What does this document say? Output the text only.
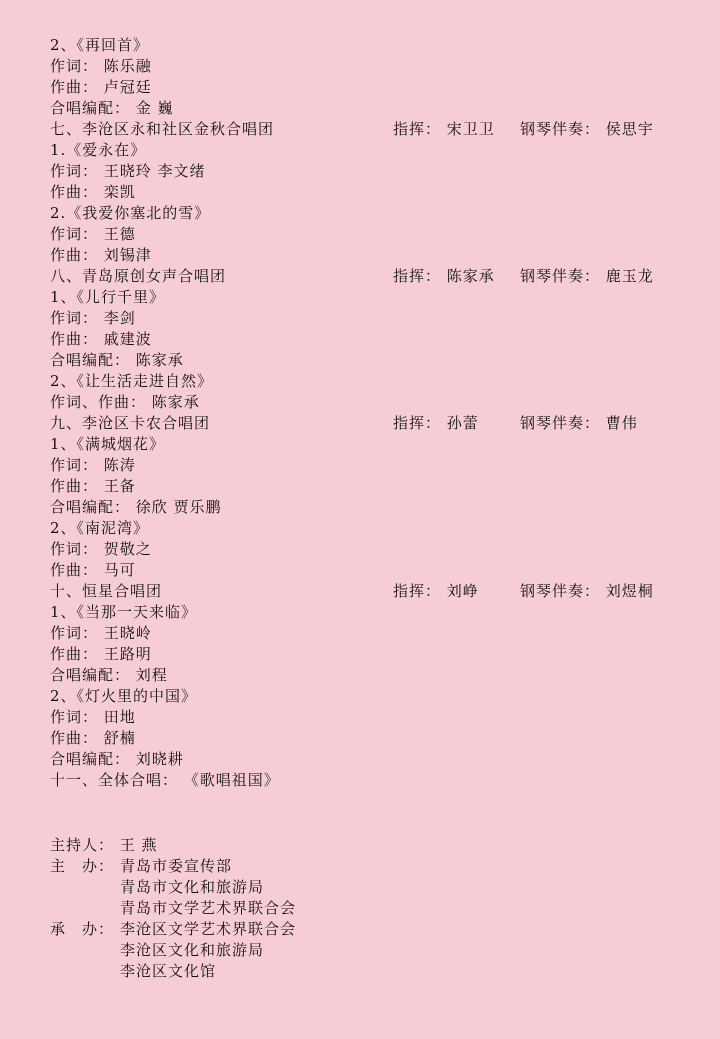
2、《再回首》
作词： 陈乐融
作曲： 卢冠廷
合唱编配： 金 巍
七、李沧区永和社区金秋合唱团	指挥： 宋卫卫 钢琴伴奏： 侯思宇
1.《爱永在》
作词： 王晓玲 李文绪
作曲： 栾凯
2.《我爱你塞北的雪》
作词： 王德
作曲： 刘锡津
八、青岛原创女声合唱团	指挥： 陈家承 钢琴伴奏： 鹿玉龙
1、《儿行千里》
作词： 李剑
作曲： 戚建波
合唱编配： 陈家承
2、《让生活走进自然》
作词、作曲： 陈家承
九、李沧区卡农合唱团	指挥： 孙蕾	钢琴伴奏： 曹伟
1、《满城烟花》
作词： 陈涛
作曲： 王备
合唱编配： 徐欣 贾乐鹏
2、《南泥湾》
作词： 贺敬之
作曲： 马可
十、恒星合唱团	指挥： 刘峥	钢琴伴奏： 刘煜桐
1、《当那一天来临》
作词： 王晓岭
作曲： 王路明
合唱编配： 刘程
2、《灯火里的中国》
作词： 田地
作曲： 舒楠
合唱编配： 刘晓耕
十一、全体合唱： 《歌唱祖国》
主持人： 王 燕
主　办： 青岛市委宣传部
青岛市文化和旅游局
青岛市文学艺术界联合会
承　办： 李沧区文学艺术界联合会
李沧区文化和旅游局
李沧区文化馆
